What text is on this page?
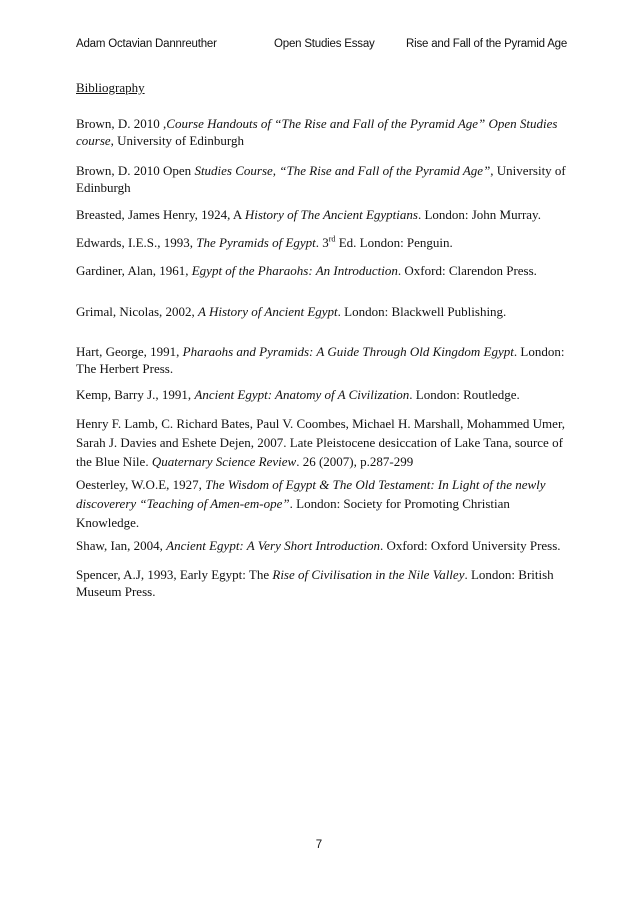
Adam Octavian Dannreuther	Open Studies Essay	Rise and Fall of the Pyramid Age

Bibliography

Brown, D. 2010 ,Course Handouts of “The Rise and Fall of the Pyramid Age” Open Studies course, University of Edinburgh

Brown, D. 2010 Open Studies Course, “The Rise and Fall of the Pyramid Age”, University of Edinburgh

Breasted, James Henry, 1924, A History of The Ancient Egyptians. London: John Murray.

Edwards, I.E.S., 1993, The Pyramids of Egypt. 3rd Ed. London: Penguin.

Gardiner, Alan, 1961, Egypt of the Pharaohs: An Introduction. Oxford: Clarendon Press.

Grimal, Nicolas, 2002, A History of Ancient Egypt. London: Blackwell Publishing.

Hart, George, 1991, Pharaohs and Pyramids: A Guide Through Old Kingdom Egypt. London: The Herbert Press.

Kemp, Barry J., 1991, Ancient Egypt: Anatomy of A Civilization. London: Routledge.

Henry F. Lamb, C. Richard Bates, Paul V. Coombes, Michael H. Marshall, Mohammed Umer, Sarah J. Davies and Eshete Dejen, 2007. Late Pleistocene desiccation of Lake Tana, source of the Blue Nile. Quaternary Science Review. 26 (2007), p.287-299

Oesterley, W.O.E, 1927, The Wisdom of Egypt & The Old Testament: In Light of the newly discoverery “Teaching of Amen-em-ope”. London: Society for Promoting Christian Knowledge.

Shaw, Ian, 2004, Ancient Egypt: A Very Short Introduction. Oxford: Oxford University Press.

Spencer, A.J, 1993, Early Egypt: The Rise of Civilisation in the Nile Valley. London: British Museum Press.

7
